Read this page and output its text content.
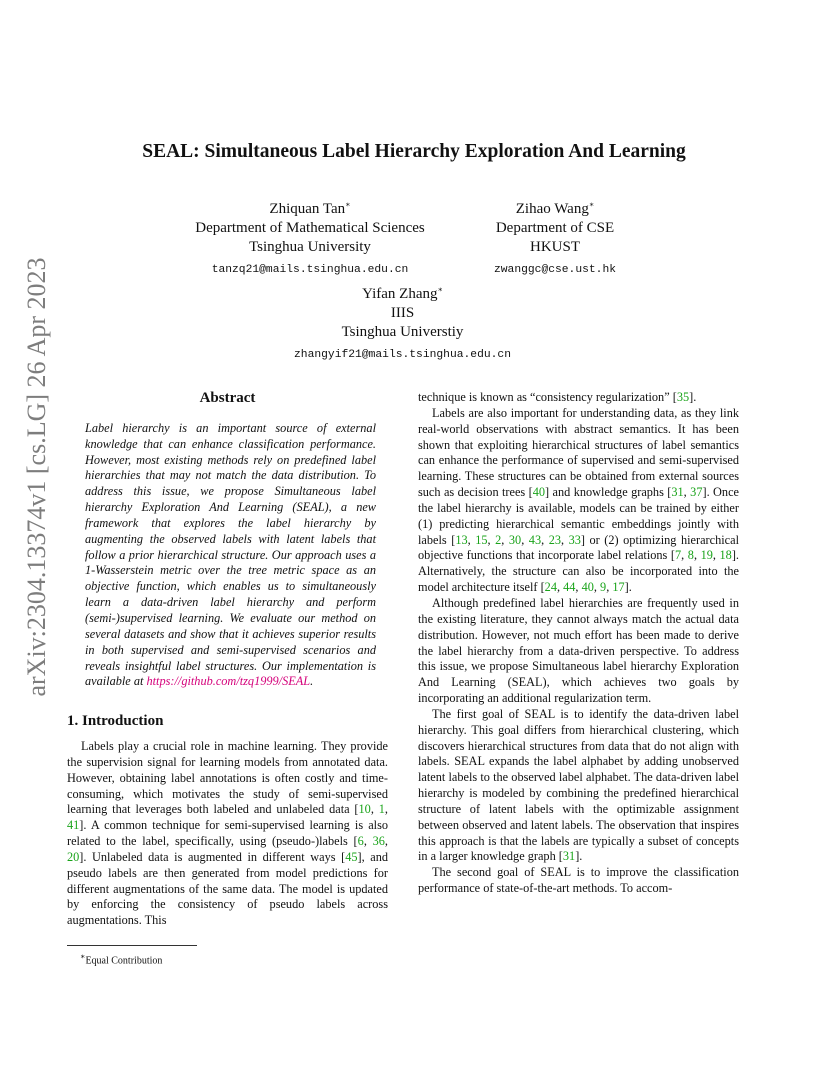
arXiv:2304.13374v1 [cs.LG] 26 Apr 2023
SEAL: Simultaneous Label Hierarchy Exploration And Learning
Zhiquan Tan∗
Department of Mathematical Sciences
Tsinghua University
tanzq21@mails.tsinghua.edu.cn
Zihao Wang∗
Department of CSE
HKUST
zwanggc@cse.ust.hk
Yifan Zhang∗
IIIS
Tsinghua Universtiy
zhangyif21@mails.tsinghua.edu.cn
Abstract

Label hierarchy is an important source of external knowledge that can enhance classification performance. However, most existing methods rely on predefined label hierarchies that may not match the data distribution. To address this issue, we propose Simultaneous label hierarchy Exploration And Learning (SEAL), a new framework that explores the label hierarchy by augmenting the observed labels with latent labels that follow a prior hierarchical structure. Our approach uses a 1-Wasserstein metric over the tree metric space as an objective function, which enables us to simultaneously learn a data-driven label hierarchy and perform (semi-)supervised learning. We evaluate our method on several datasets and show that it achieves superior results in both supervised and semi-supervised scenarios and reveals insightful label structures. Our implementation is available at https://github.com/tzq1999/SEAL.

1. Introduction

Labels play a crucial role in machine learning. They provide the supervision signal for learning models from annotated data. However, obtaining label annotations is often costly and time-consuming, which motivates the study of semi-supervised learning that leverages both labeled and unlabeled data [10, 1, 41]. A common technique for semi-supervised learning is also related to the label, specifically, using (pseudo-)labels [6, 36, 20]. Unlabeled data is augmented in different ways [45], and pseudo labels are then generated from model predictions for different augmentations of the same data. The model is updated by enforcing the consistency of pseudo labels across augmentations. This

∗Equal Contribution

technique is known as “consistency regularization” [35].

Labels are also important for understanding data, as they link real-world observations with abstract semantics. It has been shown that exploiting hierarchical structures of label semantics can enhance the performance of supervised and semi-supervised learning. These structures can be obtained from external sources such as decision trees [40] and knowledge graphs [31, 37]. Once the label hierarchy is available, models can be trained by either (1) predicting hierarchical semantic embeddings jointly with labels [13, 15, 2, 30, 43, 23, 33] or (2) optimizing hierarchical objective functions that incorporate label relations [7, 8, 19, 18]. Alternatively, the structure can also be incorporated into the model architecture itself [24, 44, 40, 9, 17].

Although predefined label hierarchies are frequently used in the existing literature, they cannot always match the actual data distribution. However, not much effort has been made to derive the label hierarchy from a data-driven perspective. To address this issue, we propose Simultaneous label hierarchy Exploration And Learning (SEAL), which achieves two goals by incorporating an additional regularization term.

The first goal of SEAL is to identify the data-driven label hierarchy. This goal differs from hierarchical clustering, which discovers hierarchical structures from data that do not align with labels. SEAL expands the label alphabet by adding unobserved latent labels to the observed label alphabet. The data-driven label hierarchy is modeled by combining the predefined hierarchical structure of latent labels with the optimizable assignment between observed and latent labels. The observation that inspires this approach is that the labels are typically a subset of concepts in a larger knowledge graph [31].

The second goal of SEAL is to improve the classification performance of state-of-the-art methods. To accom-
